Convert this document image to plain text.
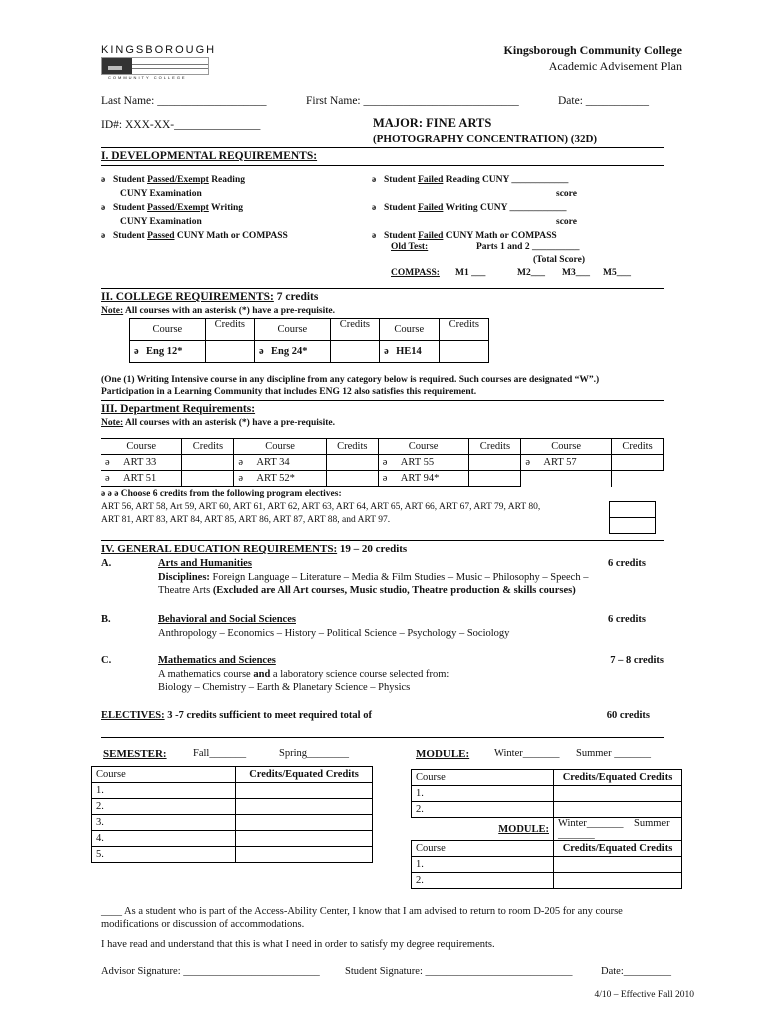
KINGSBOROUGH
COMMUNITY COLLEGE
Kingsborough Community College
Academic Advisement Plan
Last Name: ___________________	First Name: ___________________________	Date: ___________
ID#: XXX-XX-_______________	MAJOR: FINE ARTS
(PHOTOGRAPHY CONCENTRATION) (32D)
I. DEVELOPMENTAL REQUIREMENTS:
ə Student Passed/Exempt Reading
CUNY Examination
ə Student Passed/Exempt Writing
CUNY Examination
ə Student Passed CUNY Math or COMPASS
ə Student Failed Reading CUNY ____________
score
ə Student Failed Writing CUNY ____________
score
ə Student Failed CUNY Math or COMPASS
Old Test:	Parts 1 and 2 __________
(Total Score)
COMPASS: M1 ___	M2___ M3___ M5___
II. COLLEGE REQUIREMENTS: 7 credits
Note: All courses with an asterisk (*) have a pre-requisite.
Course	Credits	Course	Credits	Course	Credits
ə Eng 12*		ə Eng 24*		ə HE14	
(One (1) Writing Intensive course in any discipline from any category below is required. Such courses are designated “W”.)
Participation in a Learning Community that includes ENG 12 also satisfies this requirement.
III. Department Requirements:
Note: All courses with an asterisk (*) have a pre-requisite.
Course	Credits	Course	Credits	Course	Credits	Course	Credits
ə ART 33		ə ART 34		ə ART 55		ə ART 57	
ə ART 51		ə ART 52*		ə ART 94*			
ə ə ə Choose 6 credits from the following program electives:
ART 56, ART 58, Art 59, ART 60, ART 61, ART 62, ART 63, ART 64, ART 65, ART 66, ART 67, ART 79, ART 80,
ART 81, ART 83, ART 84, ART 85, ART 86, ART 87, ART 88, and ART 97.

IV. GENERAL EDUCATION REQUIREMENTS: 19 – 20 credits
A.	Arts and Humanities	6 credits
Disciplines: Foreign Language – Literature – Media & Film Studies – Music – Philosophy – Speech –
Theatre Arts (Excluded are All Art courses, Music studio, Theatre production & skills courses)
B.	Behavioral and Social Sciences	6 credits
Anthropology – Economics – History – Political Science – Psychology – Sociology
C.	Mathematics and Sciences	7 – 8 credits
A mathematics course and a laboratory science course selected from:
Biology – Chemistry – Earth & Planetary Science – Physics
ELECTIVES: 3 -7 credits sufficient to meet required total of	60 credits
SEMESTER:	Fall_______	Spring________
Course	Credits/Equated Credits
1.	
2.	
3.	
4.	
5.	
MODULE: Winter_______ Summer _______
Course	Credits/Equated Credits
1.	
2.	
MODULE:	Winter_______ Summer _______
Course	Credits/Equated Credits
1.	
2.	
____ As a student who is part of the Access-Ability Center, I know that I am advised to return to room D-205 for any course
modifications or discussion of accommodations.
I have read and understand that this is what I need in order to satisfy my degree requirements.
Advisor Signature: __________________________ Student Signature: ____________________________	Date:_________
4/10 – Effective Fall 2010
